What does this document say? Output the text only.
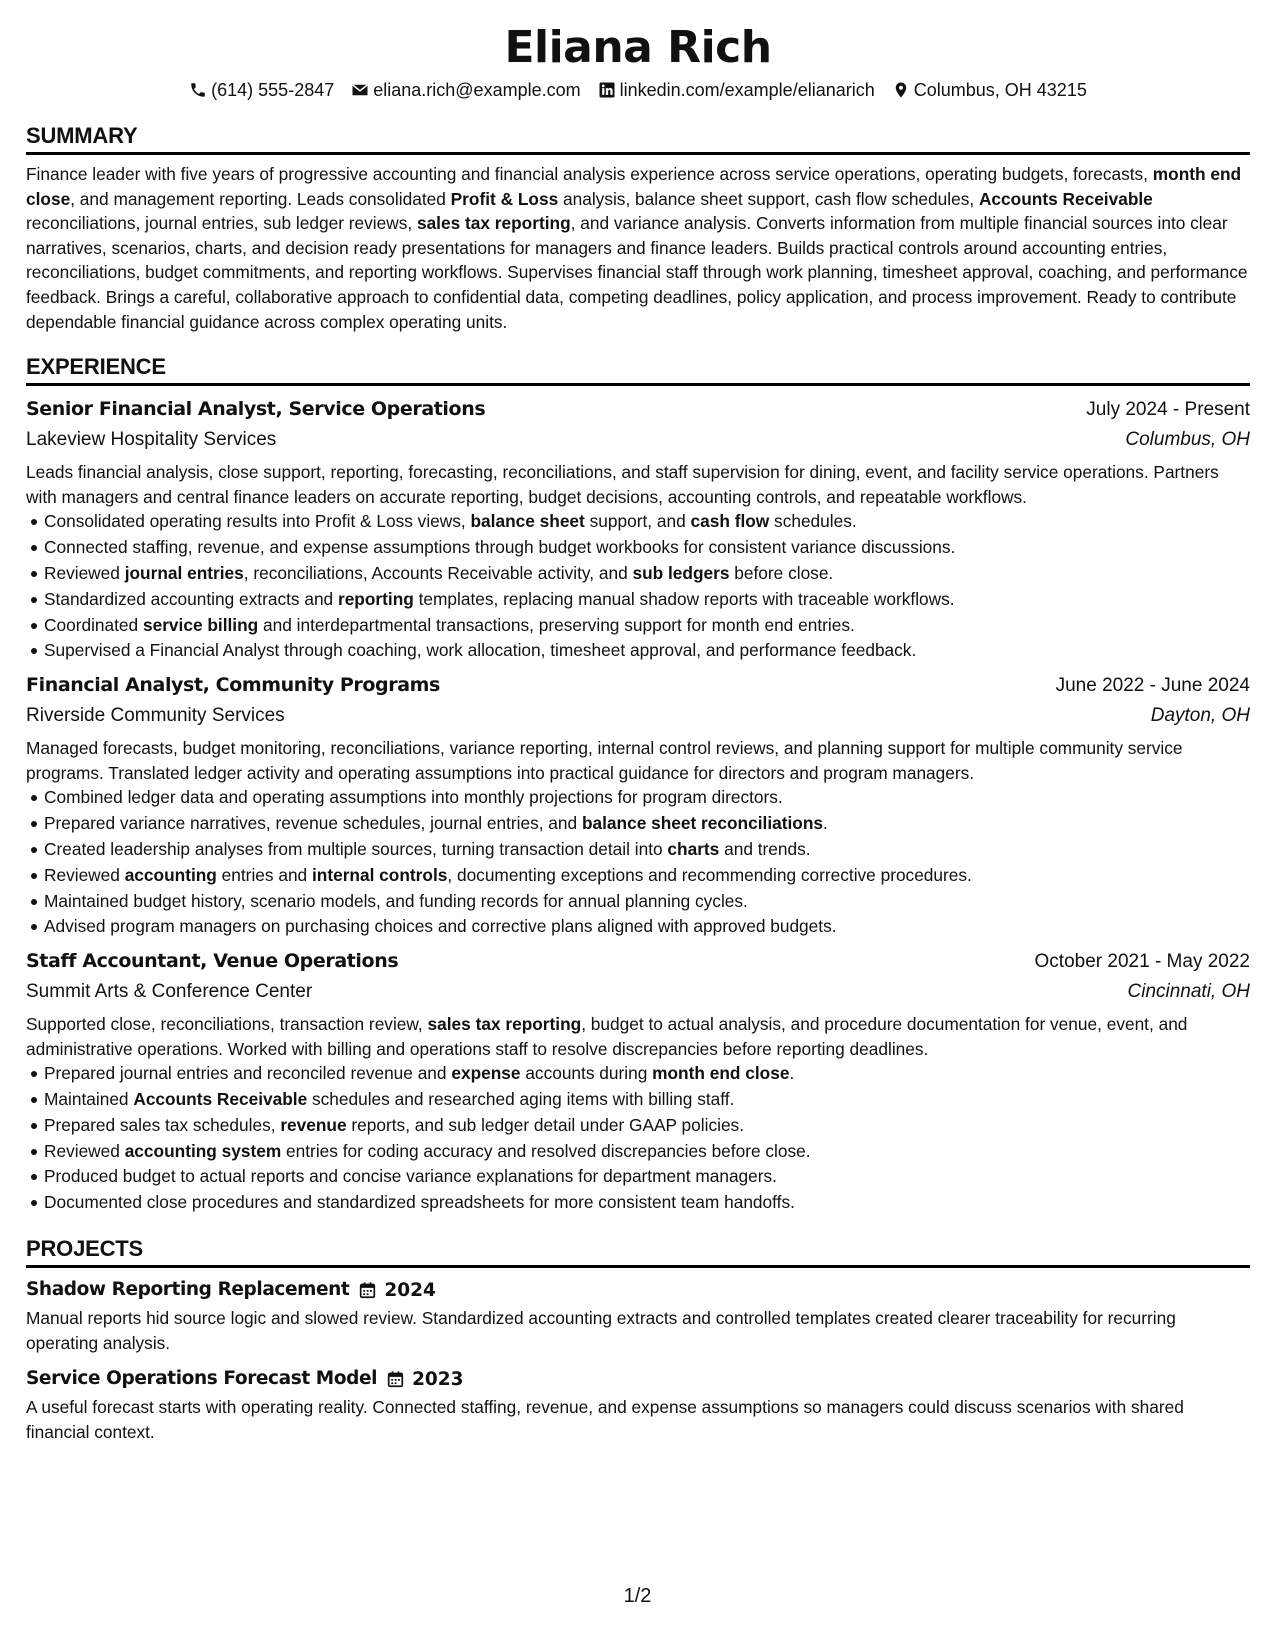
Eliana Rich
(614) 555-2847 eliana.rich@example.com linkedin.com/example/elianarich Columbus, OH 43215
SUMMARY

Finance leader with five years of progressive accounting and financial analysis experience across service operations, operating budgets, forecasts, month end close, and management reporting. Leads consolidated Profit & Loss analysis, balance sheet support, cash flow schedules, Accounts Receivable reconciliations, journal entries, sub ledger reviews, sales tax reporting, and variance analysis. Converts information from multiple financial sources into clear narratives, scenarios, charts, and decision ready presentations for managers and finance leaders. Builds practical controls around accounting entries, reconciliations, budget commitments, and reporting workflows. Supervises financial staff through work planning, timesheet approval, coaching, and performance feedback. Brings a careful, collaborative approach to confidential data, competing deadlines, policy application, and process improvement. Ready to contribute dependable financial guidance across complex operating units.

EXPERIENCE
Senior Financial Analyst, Service Operations	July 2024 - Present
Lakeview Hospitality Services	Columbus, OH

Leads financial analysis, close support, reporting, forecasting, reconciliations, and staff supervision for dining, event, and facility service operations. Partners with managers and central finance leaders on accurate reporting, budget decisions, accounting controls, and repeatable workflows.

Consolidated operating results into Profit & Loss views, balance sheet support, and cash flow schedules.
Connected staffing, revenue, and expense assumptions through budget workbooks for consistent variance discussions.
Reviewed journal entries, reconciliations, Accounts Receivable activity, and sub ledgers before close.
Standardized accounting extracts and reporting templates, replacing manual shadow reports with traceable workflows.
Coordinated service billing and interdepartmental transactions, preserving support for month end entries.
Supervised a Financial Analyst through coaching, work allocation, timesheet approval, and performance feedback.
Financial Analyst, Community Programs	June 2022 - June 2024
Riverside Community Services	Dayton, OH

Managed forecasts, budget monitoring, reconciliations, variance reporting, internal control reviews, and planning support for multiple community service programs. Translated ledger activity and operating assumptions into practical guidance for directors and program managers.

Combined ledger data and operating assumptions into monthly projections for program directors.
Prepared variance narratives, revenue schedules, journal entries, and balance sheet reconciliations.
Created leadership analyses from multiple sources, turning transaction detail into charts and trends.
Reviewed accounting entries and internal controls, documenting exceptions and recommending corrective procedures.
Maintained budget history, scenario models, and funding records for annual planning cycles.
Advised program managers on purchasing choices and corrective plans aligned with approved budgets.
Staff Accountant, Venue Operations	October 2021 - May 2022
Summit Arts & Conference Center	Cincinnati, OH

Supported close, reconciliations, transaction review, sales tax reporting, budget to actual analysis, and procedure documentation for venue, event, and administrative operations. Worked with billing and operations staff to resolve discrepancies before reporting deadlines.

Prepared journal entries and reconciled revenue and expense accounts during month end close.
Maintained Accounts Receivable schedules and researched aging items with billing staff.
Prepared sales tax schedules, revenue reports, and sub ledger detail under GAAP policies.
Reviewed accounting system entries for coding accuracy and resolved discrepancies before close.
Produced budget to actual reports and concise variance explanations for department managers.
Documented close procedures and standardized spreadsheets for more consistent team handoffs.
PROJECTS
Shadow Reporting Replacement 2024

Manual reports hid source logic and slowed review. Standardized accounting extracts and controlled templates created clearer traceability for recurring operating analysis.

Service Operations Forecast Model 2023

A useful forecast starts with operating reality. Connected staffing, revenue, and expense assumptions so managers could discuss scenarios with shared financial context.

1/2
